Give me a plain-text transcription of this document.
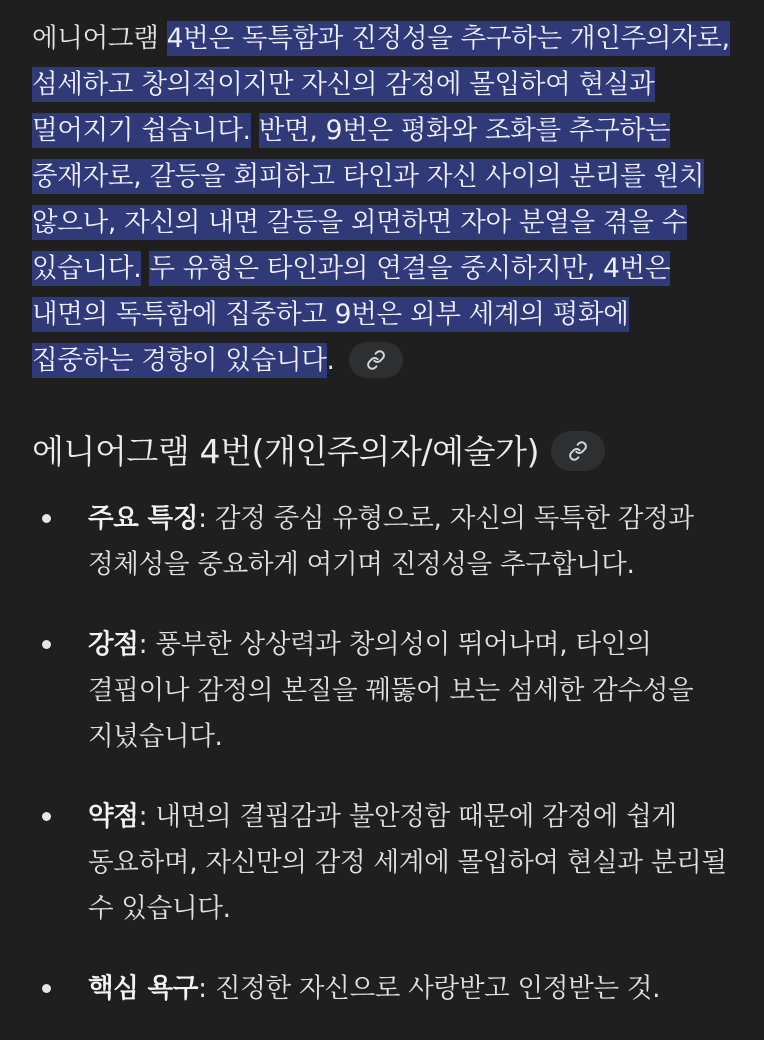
에니어그램 4번은 독특함과 진정성을 추구하는 개인주의자로, 섬세하고 창의적이지만 자신의 감정에 몰입하여 현실과 멀어지기 쉽습니다. 반면, 9번은 평화와 조화를 추구하는 중재자로, 갈등을 회피하고 타인과 자신 사이의 분리를 원치 않으나, 자신의 내면 갈등을 외면하면 자아 분열을 겪을 수 있습니다. 두 유형은 타인과의 연결을 중시하지만, 4번은 내면의 독특함에 집중하고 9번은 외부 세계의 평화에 집중하는 경향이 있습니다.

에니어그램 4번(개인주의자/예술가)
주요 특징: 감정 중심 유형으로, 자신의 독특한 감정과 정체성을 중요하게 여기며 진정성을 추구합니다.
강점: 풍부한 상상력과 창의성이 뛰어나며, 타인의 결핍이나 감정의 본질을 꿰뚫어 보는 섬세한 감수성을 지녔습니다.
약점: 내면의 결핍감과 불안정함 때문에 감정에 쉽게 동요하며, 자신만의 감정 세계에 몰입하여 현실과 분리될 수 있습니다.
핵심 욕구: 진정한 자신으로 사랑받고 인정받는 것.
